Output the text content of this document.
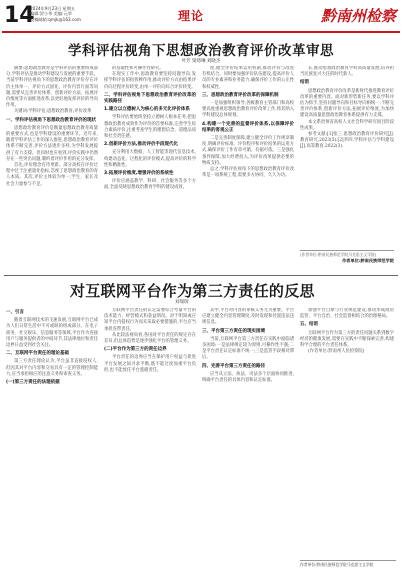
14
2024年9月23日 星期五
编辑:贺小华 美编:元翠
投稿邮箱:qmjk@163.com	理论	黔南州检察
学科评估视角下思想政治教育评价改革审思
叶芳 梁琦琳 刘晓杰

摘要:思想政治教育是学科评估的重要组成部分,学科评估是推动学科建设与发展的重要手段。当前学科评估视角下的思想政治教育评价存在评价主体单一、评价方式固化、评价内容片面等问题,需要从完善评价体系、创新评价方法、拓展评价维度等方面推进改革,以更好地发挥评价的导向作用。

关键词:学科评估;思想政治教育;评价改革

一、学科评估视角下思想政治教育评价的现状

思想政治教育评价是衡量思想政治教育质量的重要方式,也是学科建设的重要环节。近年来,随着学科评估工作的深入推进,思想政治教育评价体系不断完善,评价方法逐步多样,为学科发展提供了有力支撑。但同时也应看到,评价实践中仍然存在一些突出问题,制约着评价作用的充分发挥。

首先,评价理念有待更新。部分高校在评价过程中过于注重量化指标,忽视了思想政治教育的育人本质。其次,评价主体较为单一,学生、家长及社会力量参与不足。

的基础性和可操作性研究。

在现实工作中,思政教育要坚持问题导向,发挥学科评估的指挥棒作用,推动评价方式由结果评价向过程评价转变,由单一评价向综合评价转变。

二、学科评估视角下思想政治教育评价改革的实践路径

1.建立以立德树人为核心的多元化评价体系

学科评估要始终坚持立德树人根本任务,把思想政治教育成效作为评价的首要标准,完善学生综合素质评价,注重考查学生的理想信念、道德品质和社会责任感。

2.创新评价方法,推动评价手段现代化

充分利用大数据、人工智能等现代信息技术,构建动态化、过程化的评价模式,提高评价的科学性和精准性。

3.拓展评价维度,增强评价的系统性

评价应涵盖教学、科研、社会服务等多个方面,全面反映思想政治教育学科的建设成效。

度,健全评价结果运用机制,推动评价与改进有机结合。同时要加强评价队伍建设,提高评价人员的专业素养和业务能力,确保评价工作的公正性和权威性。

三、思想政治教育评价改革的保障机制

一是加强组织领导,各级教育主管部门和高校要高度重视思想政治教育评价改革工作,将其纳入学科建设总体规划。

4.构建一个完善的监督评价体系,以保障评价结果的客观公正

二是完善制度保障,建立健全评价工作规章制度,明确评价标准、评价程序和评价结果的运用方式,确保评价工作有章可循、有据可依。三是强化条件保障,加大经费投入,为评价改革提供必要的物质支持。

总之,学科评估视角下的思想政治教育评价改革是一项系统工程,需要多方协同、久久为功。

长,推动思想政治教育学科高质量发展,培养担当民族复兴大任的时代新人。

结语

思想政治教育评价改革是新时代推进教育评价改革的重要内容。面对新形势新任务,要以学科评估为抓手,坚持问题导向和目标导向相统一,不断完善评价体系,创新评价方法,拓展评价维度,为加快建设高质量思想政治教育体系提供有力支撑。

本文系贵州省高校人文社会科学研究项目阶段性成果。

参考文献:[1]张三.思想政治教育评价研究[J].教育研究,2023(5).[2]李四.学科评估与学科建设[J].高等教育,2022(3).

(作者单位:黔南民族师范学院马克思主义学院)
作者单位:黔南民族师范学院
对互联网平台作为第三方责任的反思
刘瑞瑞

一、引言

随着互联网技术的飞速发展,互联网平台已成为人们日常生活中不可或缺的组成部分。在电子商务、社交娱乐、信息服务等领域,平台作为连接用户与服务提供者的中间环节,其法律地位和责任边界日益受到社会关注。

二、互联网平台责任的理论基础

第三方责任理论认为,平台虽非直接侵权人,但因其对平台内容和交易具有一定的管理控制能力,应当承担相应的注意义务和审查义务。

(一)第三方责任的法理依据

互联网平台责任的认定需要综合考量平台的技术能力、经营模式和获益情况。对于明知或应知平台内侵权行为而未采取必要措施的,平台应当承担连带责任。

从比较法视角看,各国对平台责任的规定存在差异,但总体趋势是逐步强化平台的管理义务。

(二)平台作为第三方的责任边界

平台责任的边界应当在保护用户权益与促进平台发展之间寻求平衡,既不能过度加重平台负担,也不能放任平台逃避责任。

其中,平台对内容的审核义务尤为重要。平台应建立健全内容管理制度,及时发现和处置违法违规信息。

三、平台第三方责任的现实困境

当前,互联网平台第三方责任在实践中面临诸多困境:一是法律规定较为原则,可操作性不强;二是平台责任认定标准不统一;三是监管手段相对滞后。

四、完善平台第三方责任的路径

应当从立法、执法、司法多个层面协同推进,明确平台责任的具体内容和认定标准。

加强平台自律与行业规范建设,推动形成政府监管、平台自治、社会监督相结合的治理格局。

五、结语

互联网平台作为第三方的责任问题关系到数字经济的健康发展,需要在实践中不断探索完善,构建科学合理的平台责任体系。

(作者单位:黔南州人民检察院)

作者单位:黔南民族师范学院马克思主义学院
